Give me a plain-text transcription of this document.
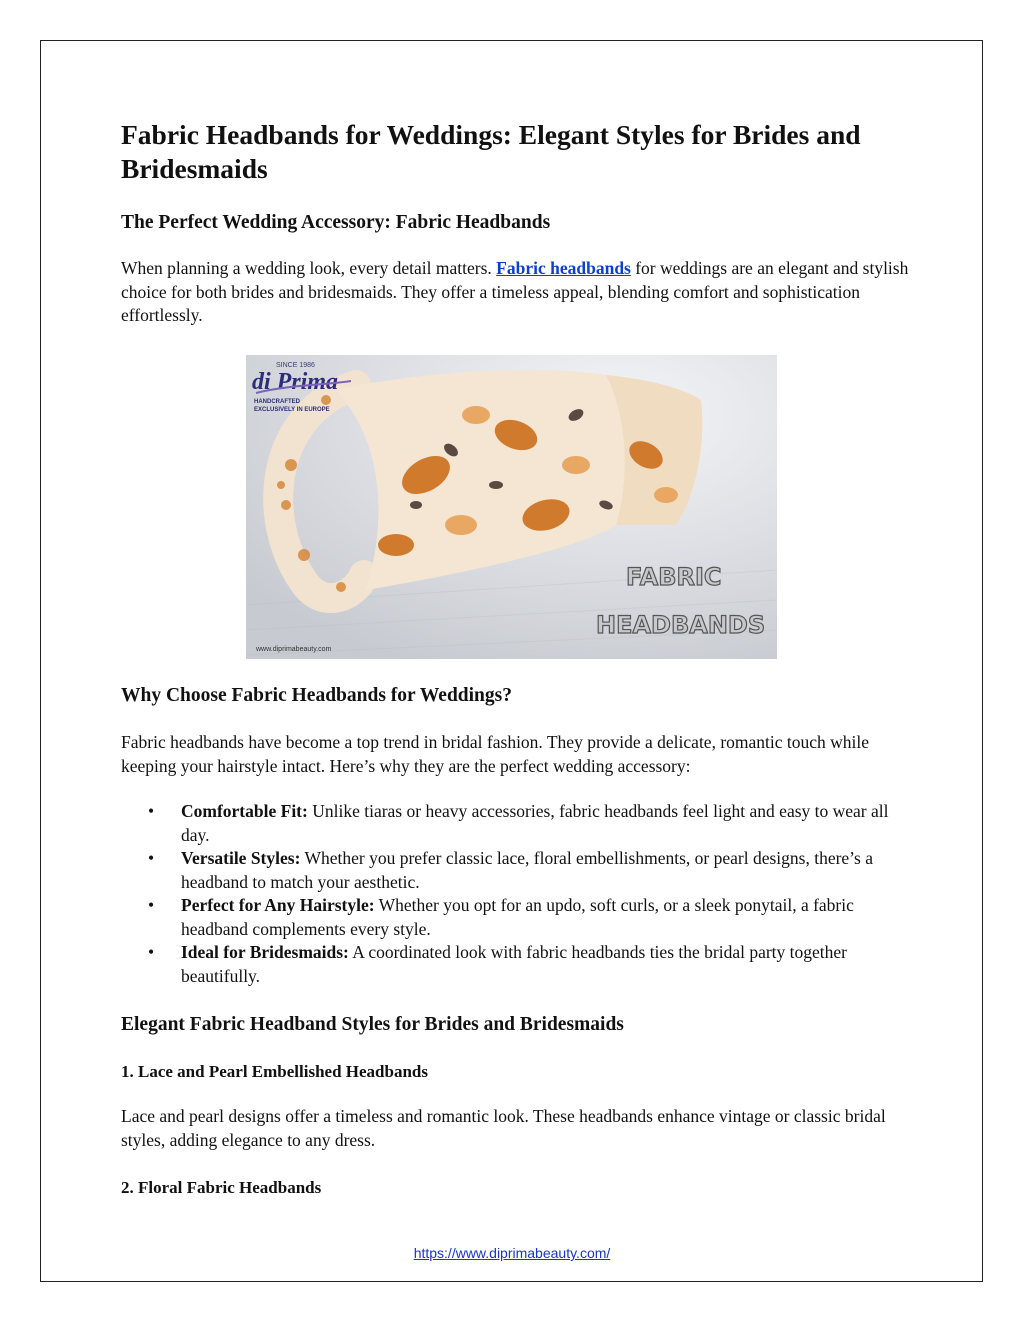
Fabric Headbands for Weddings: Elegant Styles for Brides and Bridesmaids
The Perfect Wedding Accessory: Fabric Headbands

When planning a wedding look, every detail matters. Fabric headbands for weddings are an elegant and stylish choice for both brides and bridesmaids. They offer a timeless appeal, blending comfort and sophistication effortlessly.

SINCE 1986
di Prima
HANDCRAFTED
EXCLUSIVELY IN EUROPE
FABRIC
HEADBANDS
www.diprimabeauty.com
Why Choose Fabric Headbands for Weddings?

Fabric headbands have become a top trend in bridal fashion. They provide a delicate, romantic touch while keeping your hairstyle intact. Here’s why they are the perfect wedding accessory:

• Comfortable Fit: Unlike tiaras or heavy accessories, fabric headbands feel light and easy to wear all day.
• Versatile Styles: Whether you prefer classic lace, floral embellishments, or pearl designs, there’s a headband to match your aesthetic.
• Perfect for Any Hairstyle: Whether you opt for an updo, soft curls, or a sleek ponytail, a fabric headband complements every style.
• Ideal for Bridesmaids: A coordinated look with fabric headbands ties the bridal party together beautifully.
Elegant Fabric Headband Styles for Brides and Bridesmaids
1. Lace and Pearl Embellished Headbands

Lace and pearl designs offer a timeless and romantic look. These headbands enhance vintage or classic bridal styles, adding elegance to any dress.

2. Floral Fabric Headbands
https://www.diprimabeauty.com/
